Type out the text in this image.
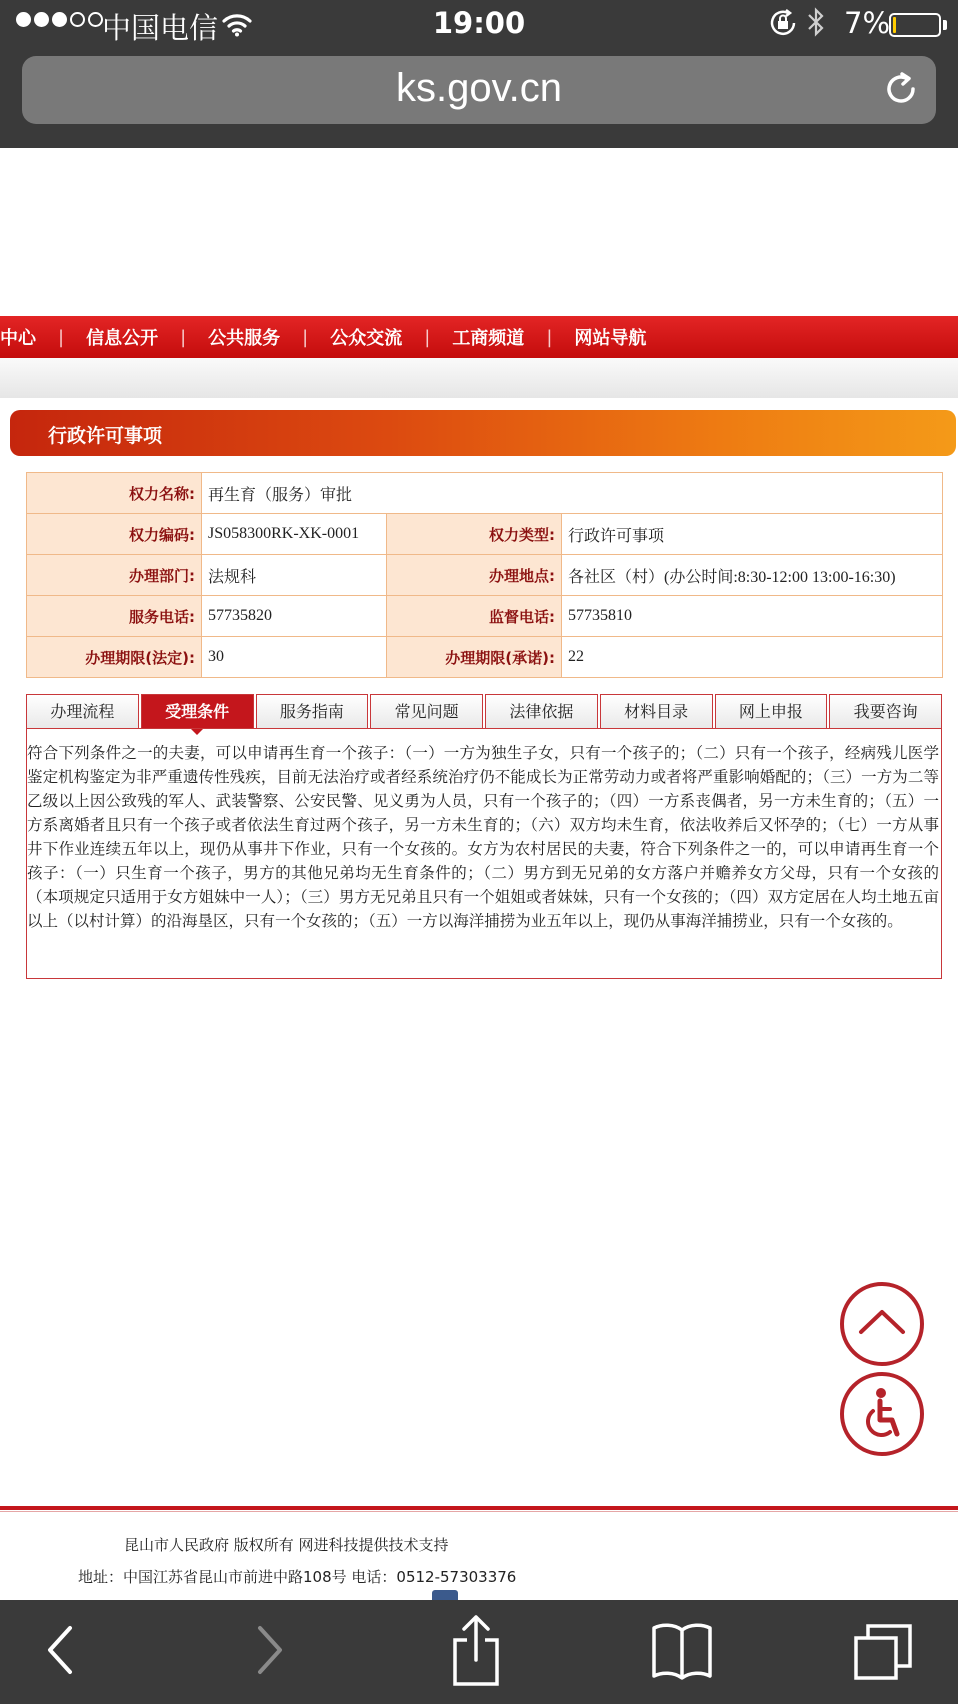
中国电信	19:00	7%
ks.gov.cn
中心 | 信息公开 | 公共服务 | 公众交流 | 工商频道 | 网站导航
行政许可事项
权力名称:	再生育（服务）审批		
权力编码:	JS058300RK-XK-0001	权力类型:	行政许可事项
办理部门:	法规科	办理地点:	各社区（村）(办公时间:8:30-12:00 13:00-16:30)
服务电话:	57735820	监督电话:	57735810
办理期限(法定):	30	办理期限(承诺):	22
办理流程	受理条件	服务指南	常见问题	法律依据	材料目录	网上申报	我要咨询

符合下列条件之一的夫妻，可以申请再生育一个孩子：（一）一方为独生子女，只有一个孩子的；（二）只有一个孩子，经病残儿医学鉴定机构鉴定为非严重遗传性残疾，目前无法治疗或者经系统治疗仍不能成长为正常劳动力或者将严重影响婚配的；（三）一方为二等乙级以上因公致残的军人、武装警察、公安民警、见义勇为人员，只有一个孩子的；（四）一方系丧偶者，另一方未生育的；（五）一方系离婚者且只有一个孩子或者依法生育过两个孩子，另一方未生育的；（六）双方均未生育，依法收养后又怀孕的；（七）一方从事井下作业连续五年以上，现仍从事井下作业，只有一个女孩的。女方为农村居民的夫妻，符合下列条件之一的，可以申请再生育一个孩子：（一）只生育一个孩子，男方的其他兄弟均无生育条件的；（二）男方到无兄弟的女方落户并赡养女方父母，只有一个女孩的（本项规定只适用于女方姐妹中一人）；（三）男方无兄弟且只有一个姐姐或者妹妹，只有一个女孩的；（四）双方定居在人均土地五亩以上（以村计算）的沿海垦区，只有一个女孩的；（五）一方以海洋捕捞为业五年以上，现仍从事海洋捕捞业，只有一个女孩的。

昆山市人民政府 版权所有 网进科技提供技术支持
地址：中国江苏省昆山市前进中路108号 电话：0512-57303376
